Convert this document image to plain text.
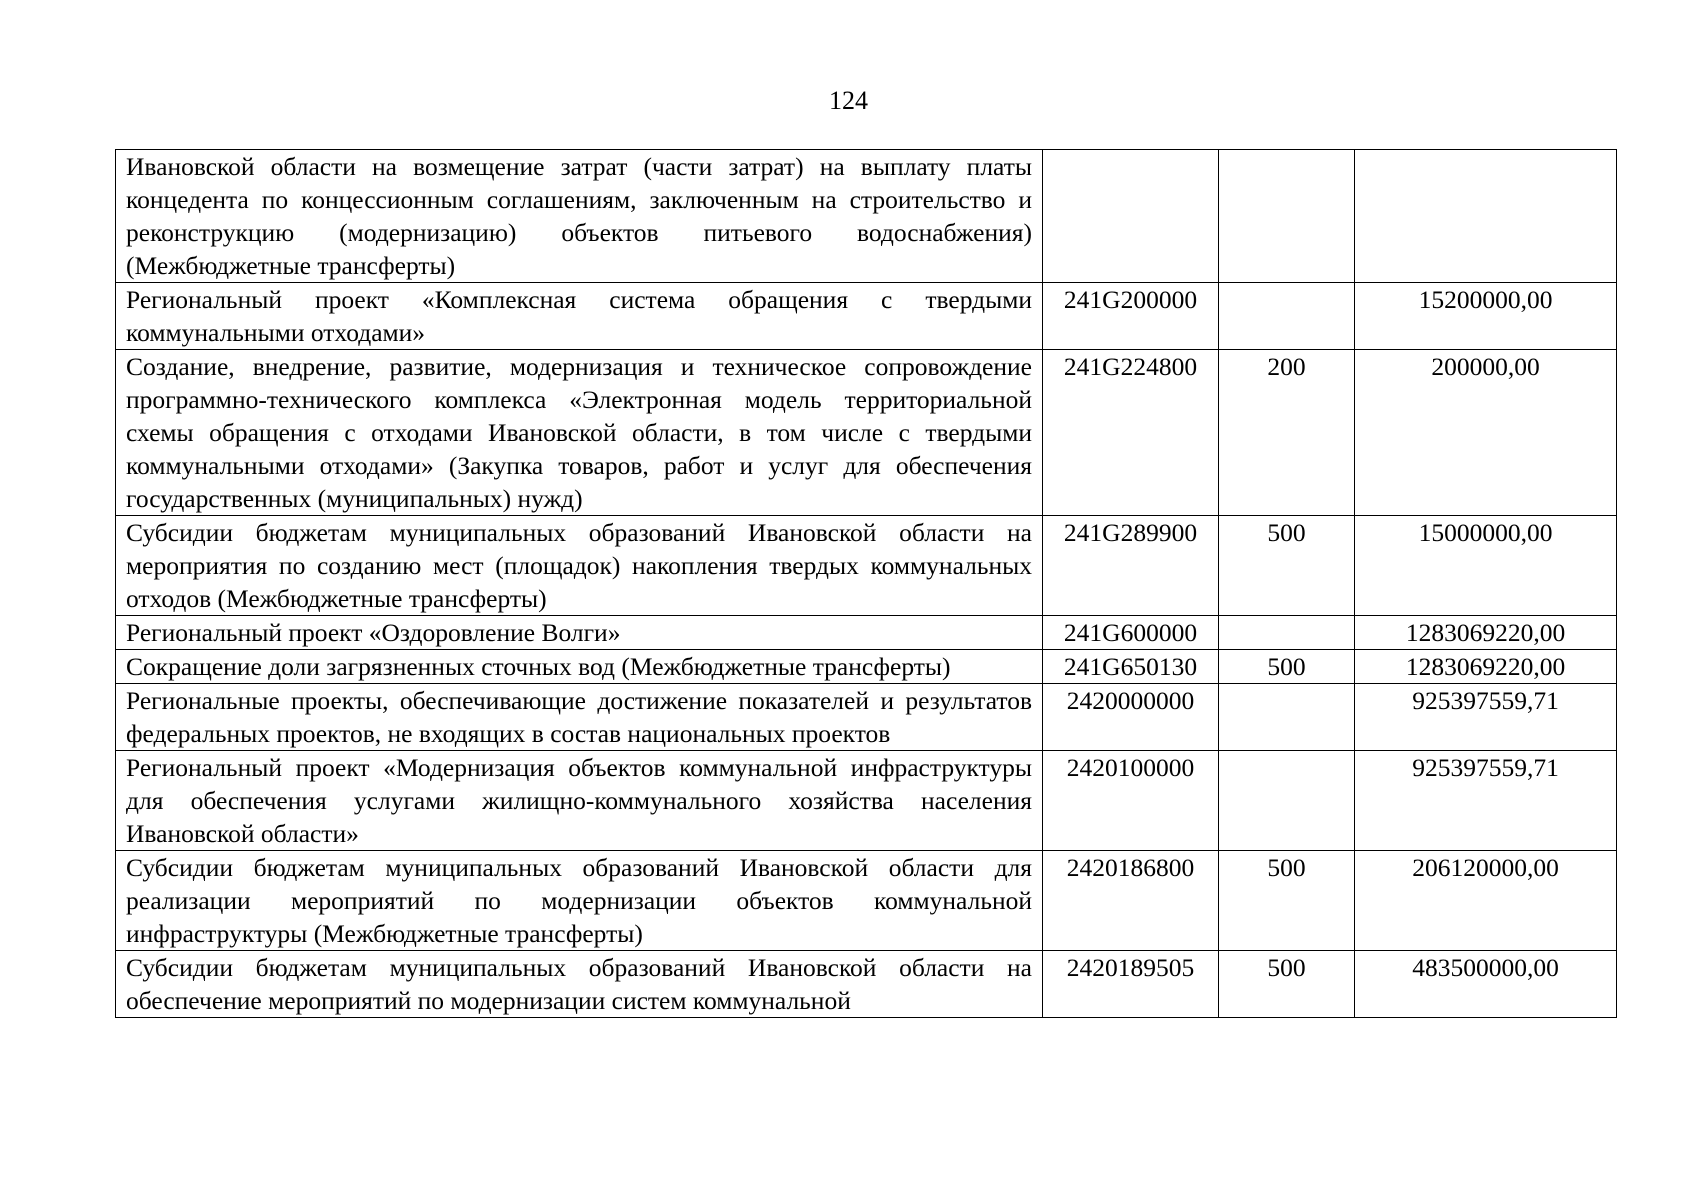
124
Ивановской области на возмещение затрат (части затрат) на выплату платы концедента по концессионным соглашениям, заключенным на строительство и реконструкцию (модернизацию) объектов питьевого водоснабжения) (Межбюджетные трансферты)			

Региональный проект «Комплексная система обращения с твердыми коммунальными отходами»	241G200000		15200000,00

Создание, внедрение, развитие, модернизация и техническое сопровождение программно-технического комплекса «Электронная модель территориальной схемы обращения с отходами Ивановской области, в том числе с твердыми коммунальными отходами» (Закупка товаров, работ и услуг для обеспечения государственных (муниципальных) нужд)	241G224800	200	200000,00

Субсидии бюджетам муниципальных образований Ивановской области на мероприятия по созданию мест (площадок) накопления твердых коммунальных отходов (Межбюджетные трансферты)	241G289900	500	15000000,00

Региональный проект «Оздоровление Волги»	241G600000		1283069220,00

Сокращение доли загрязненных сточных вод (Межбюджетные трансферты)	241G650130	500	1283069220,00

Региональные проекты, обеспечивающие достижение показателей и результатов федеральных проектов, не входящих в состав национальных проектов	2420000000		925397559,71

Региональный проект «Модернизация объектов коммунальной инфраструктуры для обеспечения услугами жилищно-коммунального хозяйства населения Ивановской области»	2420100000		925397559,71

Субсидии бюджетам муниципальных образований Ивановской области для реализации мероприятий по модернизации объектов коммунальной инфраструктуры (Межбюджетные трансферты)	2420186800	500	206120000,00

Субсидии бюджетам муниципальных образований Ивановской области на обеспечение мероприятий по модернизации систем коммунальной	2420189505	500	483500000,00
